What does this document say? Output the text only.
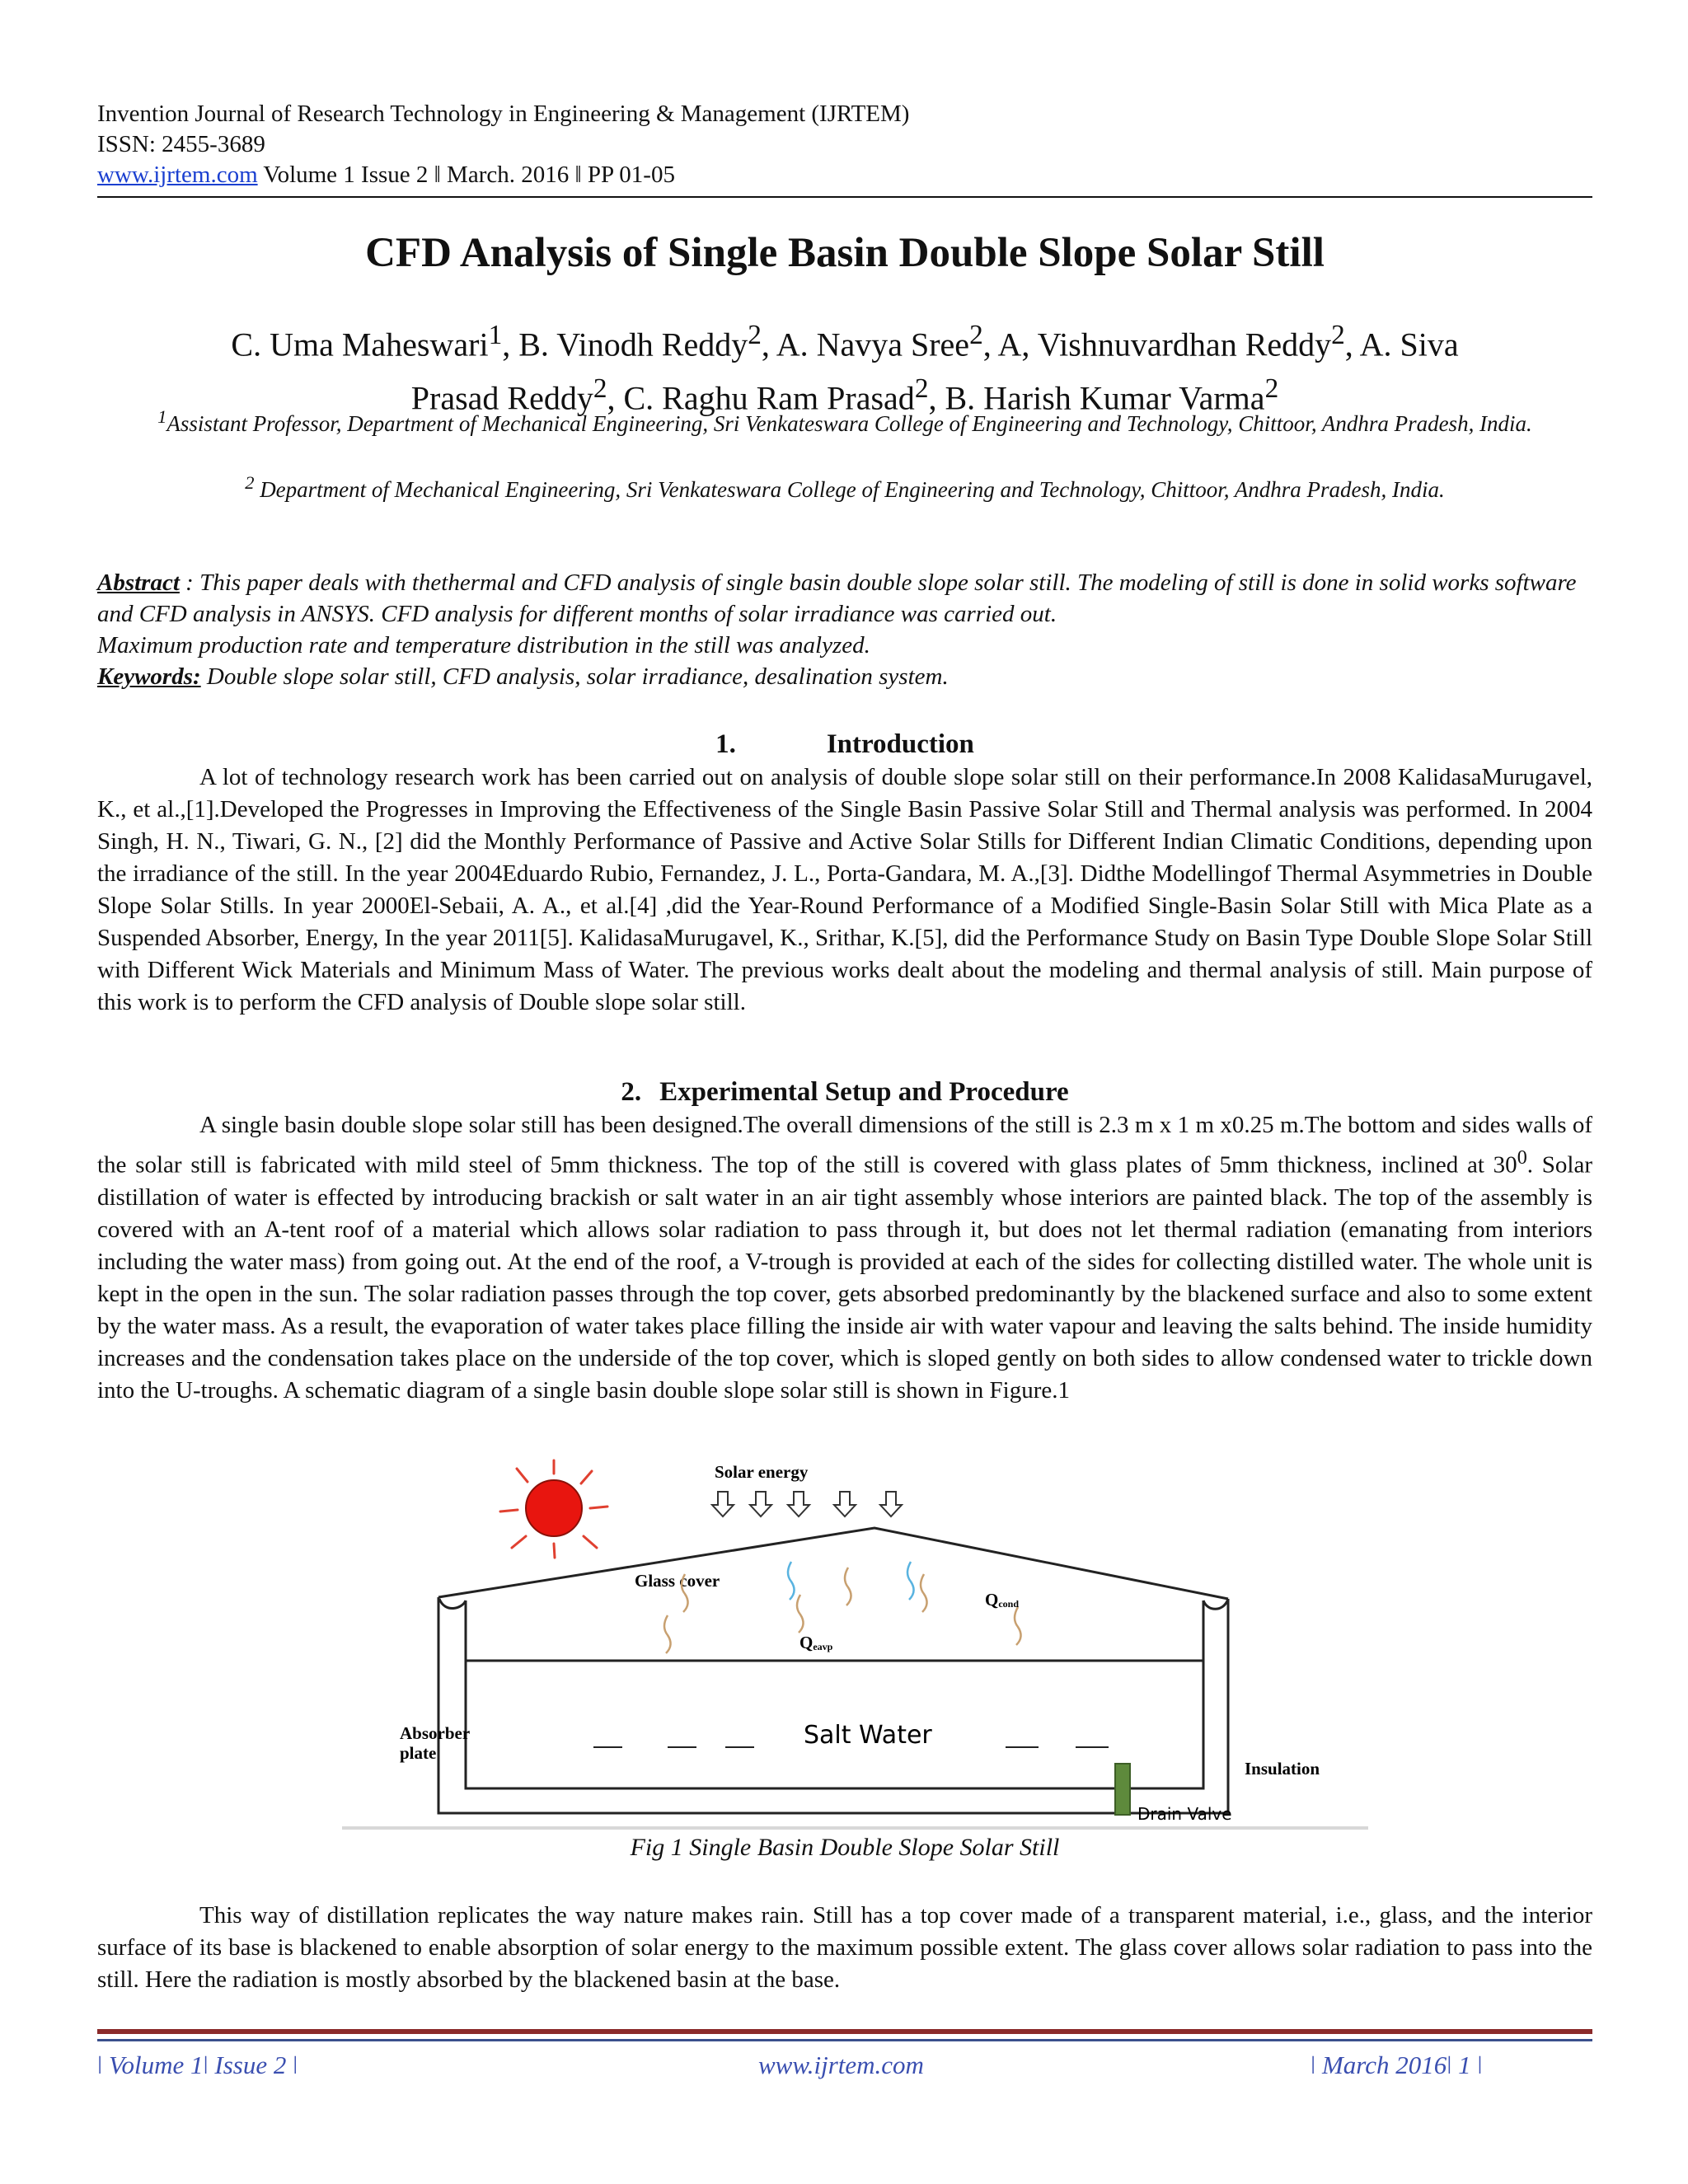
Invention Journal of Research Technology in Engineering & Management (IJRTEM)
ISSN: 2455-3689
www.ijrtem.com Volume 1 Issue 2 ǁ March. 2016 ǁ PP 01-05
CFD Analysis of Single Basin Double Slope Solar Still
C. Uma Maheswari$^1$, B. Vinodh Reddy$^2$, A. Navya Sree$^2$, A, Vishnuvardhan Reddy$^2$, A. Siva
Prasad Reddy$^2$, C. Raghu Ram Prasad$^2$, B. Harish Kumar Varma$^2$
$^1$Assistant Professor, Department of Mechanical Engineering, Sri Venkateswara College of Engineering and Technology, Chittoor, Andhra Pradesh, India.
$^2$ Department of Mechanical Engineering, Sri Venkateswara College of Engineering and Technology, Chittoor, Andhra Pradesh, India.
Abstract : This paper deals with thethermal and CFD analysis of single basin double slope solar still. The modeling of still is done in solid works software and CFD analysis in ANSYS. CFD analysis for different months of solar irradiance was carried out.
Maximum production rate and temperature distribution in the still was analyzed.
Keywords: Double slope solar still, CFD analysis, solar irradiance, desalination system.
1.	Introduction

A lot of technology research work has been carried out on analysis of double slope solar still on their performance.In 2008 KalidasaMurugavel, K., et al.,[1].Developed the Progresses in Improving the Effectiveness of the Single Basin Passive Solar Still and Thermal analysis was performed. In 2004 Singh, H. N., Tiwari, G. N., [2] did the Monthly Performance of Passive and Active Solar Stills for Different Indian Climatic Conditions, depending upon the irradiance of the still. In the year 2004Eduardo Rubio, Fernandez, J. L., Porta-Gandara, M. A.,[3]. Didthe Modellingof Thermal Asymmetries in Double Slope Solar Stills. In year 2000El-Sebaii, A. A., et al.[4] ,did the Year-Round Performance of a Modified Single-Basin Solar Still with Mica Plate as a Suspended Absorber, Energy, In the year 2011[5]. KalidasaMurugavel, K., Srithar, K.[5], did the Performance Study on Basin Type Double Slope Solar Still with Different Wick Materials and Minimum Mass of Water. The previous works dealt about the modeling and thermal analysis of still. Main purpose of this work is to perform the CFD analysis of Double slope solar still.

2. Experimental Setup and Procedure

A single basin double slope solar still has been designed.The overall dimensions of the still is 2.3 m x 1 m x0.25 m.The bottom and sides walls of the solar still is fabricated with mild steel of 5mm thickness. The top of the still is covered with glass plates of 5mm thickness, inclined at $30^0$. Solar distillation of water is effected by introducing brackish or salt water in an air tight assembly whose interiors are painted black. The top of the assembly is covered with an A-tent roof of a material which allows solar radiation to pass through it, but does not let thermal radiation (emanating from interiors including the water mass) from going out. At the end of the roof, a V-trough is provided at each of the sides for collecting distilled water. The whole unit is kept in the open in the sun. The solar radiation passes through the top cover, gets absorbed predominantly by the blackened surface and also to some extent by the water mass. As a result, the evaporation of water takes place filling the inside air with water vapour and leaving the salts behind. The inside humidity increases and the condensation takes place on the underside of the top cover, which is sloped gently on both sides to allow condensed water to trickle down into the U-troughs. A schematic diagram of a single basin double slope solar still is shown in Figure.1

Solar energy
Glass cover
Qcond
Qeavp
Salt Water
Absorber
plate
Insulation
Drain Valve
Fig 1 Single Basin Double Slope Solar Still

This way of distillation replicates the way nature makes rain. Still has a top cover made of a transparent material, i.e., glass, and the interior surface of its base is blackened to enable absorption of solar energy to the maximum possible extent. The glass cover allows solar radiation to pass into the still. Here the radiation is mostly absorbed by the blackened basin at the base.

ǀ Volume 1ǀ Issue 2 ǀ	www.ijrtem.com	ǀ March 2016ǀ 1 ǀ
